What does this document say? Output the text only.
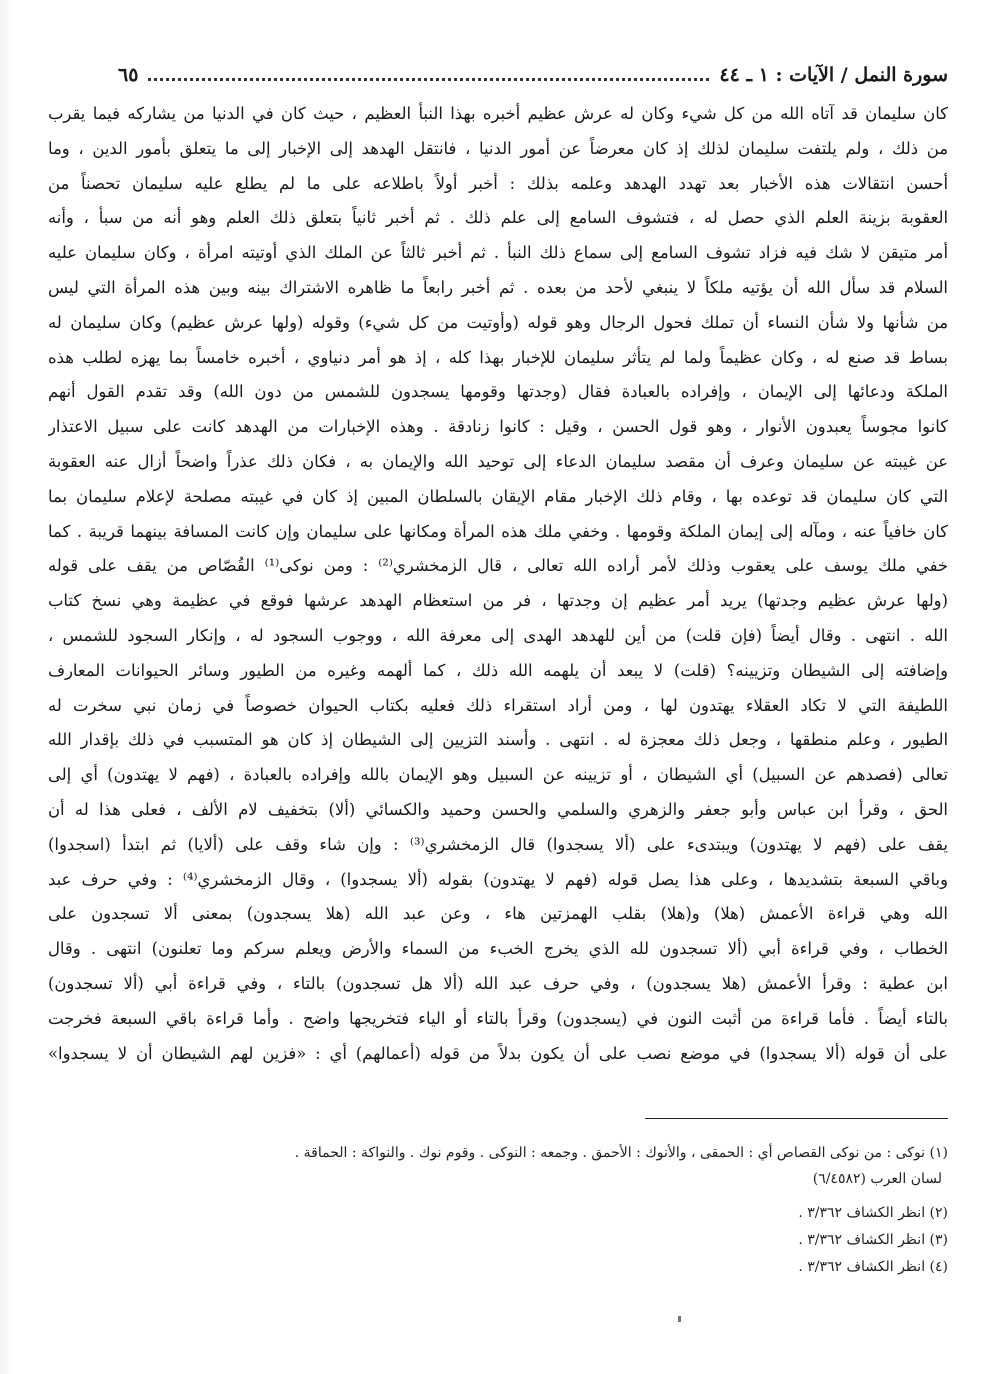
سورة النمل / الآيات : ١ ـ ٤٤
٦٥
كان سليمان قد آتاه الله من كل شيء وكان له عرش عظيم أخبره بهذا النبأ العظيم ، حيث كان في الدنيا من يشاركه فيما يقرب
من ذلك ، ولم يلتفت سليمان لذلك إذ كان معرضاً عن أمور الدنيا ، فانتقل الهدهد إلى الإخبار إلى ما يتعلق بأمور الدين ، وما
أحسن انتقالات هذه الأخبار بعد تهدد الهدهد وعلمه بذلك : أخبر أولاً باطلاعه على ما لم يطلع عليه سليمان تحصناً من
العقوبة بزينة العلم الذي حصل له ، فتشوف السامع إلى علم ذلك . ثم أخبر ثانياً بتعلق ذلك العلم وهو أنه من سبأ ، وأنه
أمر متيقن لا شك فيه فزاد تشوف السامع إلى سماع ذلك النبأ . ثم أخبر ثالثاً عن الملك الذي أوتيته امرأة ، وكان سليمان عليه
السلام قد سأل الله أن يؤتيه ملكاً لا ينبغي لأحد من بعده . ثم أخبر رابعاً ما ظاهره الاشتراك بينه وبين هذه المرأة التي ليس
من شأنها ولا شأن النساء أن تملك فحول الرجال وهو قوله (وأوتيت من كل شيء) وقوله (ولها عرش عظيم) وكان سليمان له
بساط قد صنع له ، وكان عظيماً ولما لم يتأثر سليمان للإخبار بهذا كله ، إذ هو أمر دنياوي ، أخبره خامساً بما يهزه لطلب هذه
الملكة ودعائها إلى الإيمان ، وإفراده بالعبادة فقال (وجدتها وقومها يسجدون للشمس من دون الله) وقد تقدم القول أنهم
كانوا مجوساً يعبدون الأنوار ، وهو قول الحسن ، وقيل : كانوا زنادقة . وهذه الإخبارات من الهدهد كانت على سبيل الاعتذار
عن غيبته عن سليمان وعرف أن مقصد سليمان الدعاء إلى توحيد الله والإيمان به ، فكان ذلك عذراً واضحاً أزال عنه العقوبة
التي كان سليمان قد توعده بها ، وقام ذلك الإخبار مقام الإيقان بالسلطان المبين إذ كان في غيبته مصلحة لإعلام سليمان بما
كان خافياً عنه ، ومآله إلى إيمان الملكة وقومها . وخفي ملك هذه المرأة ومكانها على سليمان وإن كانت المسافة بينهما قريبة . كما
خفي ملك يوسف على يعقوب وذلك لأمر أراده الله تعالى ، قال الزمخشري⁽²⁾ : ومن نوكى⁽¹⁾ القُصّاص من يقف على قوله
(ولها عرش عظيم وجدتها) يريد أمر عظيم إن وجدتها ، فر من استعظام الهدهد عرشها فوقع في عظيمة وهي نسخ كتاب
الله . انتهى . وقال أيضاً (فإن قلت) من أين للهدهد الهدى إلى معرفة الله ، ووجوب السجود له ، وإنكار السجود للشمس ،
وإضافته إلى الشيطان وتزيينه؟ (قلت) لا يبعد أن يلهمه الله ذلك ، كما ألهمه وغيره من الطيور وسائر الحيوانات المعارف
اللطيفة التي لا تكاد العقلاء يهتدون لها ، ومن أراد استقراء ذلك فعليه بكتاب الحيوان خصوصاً في زمان نبي سخرت له
الطيور ، وعلم منطقها ، وجعل ذلك معجزة له . انتهى . وأسند التزيين إلى الشيطان إذ كان هو المتسبب في ذلك بإقدار الله
تعالى (فصدهم عن السبيل) أي الشيطان ، أو تزيينه عن السبيل وهو الإيمان بالله وإفراده بالعبادة ، (فهم لا يهتدون) أي إلى
الحق ، وقرأ ابن عباس وأبو جعفر والزهري والسلمي والحسن وحميد والكسائي (ألا) بتخفيف لام الألف ، فعلى هذا له أن
يقف على (فهم لا يهتدون) ويبتدىء على (ألا يسجدوا) قال الزمخشري⁽³⁾ : وإن شاء وقف على (ألايا) ثم ابتدأ (اسجدوا)
وباقي السبعة بتشديدها ، وعلى هذا يصل قوله (فهم لا يهتدون) بقوله (ألا يسجدوا) ، وقال الزمخشري⁽⁴⁾ : وفي حرف عبد
الله وهي قراءة الأعمش (هلا) و(هلا) بقلب الهمزتين هاء ، وعن عبد الله (هلا يسجدون) بمعنى ألا تسجدون على
الخطاب ، وفي قراءة أبي (ألا تسجدون لله الذي يخرج الخبء من السماء والأرض ويعلم سركم وما تعلنون) انتهى . وقال
ابن عطية : وقرأ الأعمش (هلا يسجدون) ، وفي حرف عبد الله (ألا هل تسجدون) بالتاء ، وفي قراءة أبي (ألا تسجدون)
بالتاء أيضاً . فأما قراءة من أثبت النون في (يسجدون) وقرأ بالتاء أو الياء فتخريجها واضح . وأما قراءة باقي السبعة فخرجت
على أن قوله (ألا يسجدوا) في موضع نصب على أن يكون بدلاً من قوله (أعمالهم) أي : «فزين لهم الشيطان أن لا يسجدوا»
(١) نوكى : من نوكى القصاص أي : الحمقى ، والأنوك : الأحمق . وجمعه : النوكى . وقوم نوك . والنواكة : الحماقة .
لسان العرب (٦/٤٥٨٢)
(٢) انظر الكشاف ٣/٣٦٢ .
(٣) انظر الكشاف ٣/٣٦٢ .
(٤) انظر الكشاف ٣/٣٦٢ .
